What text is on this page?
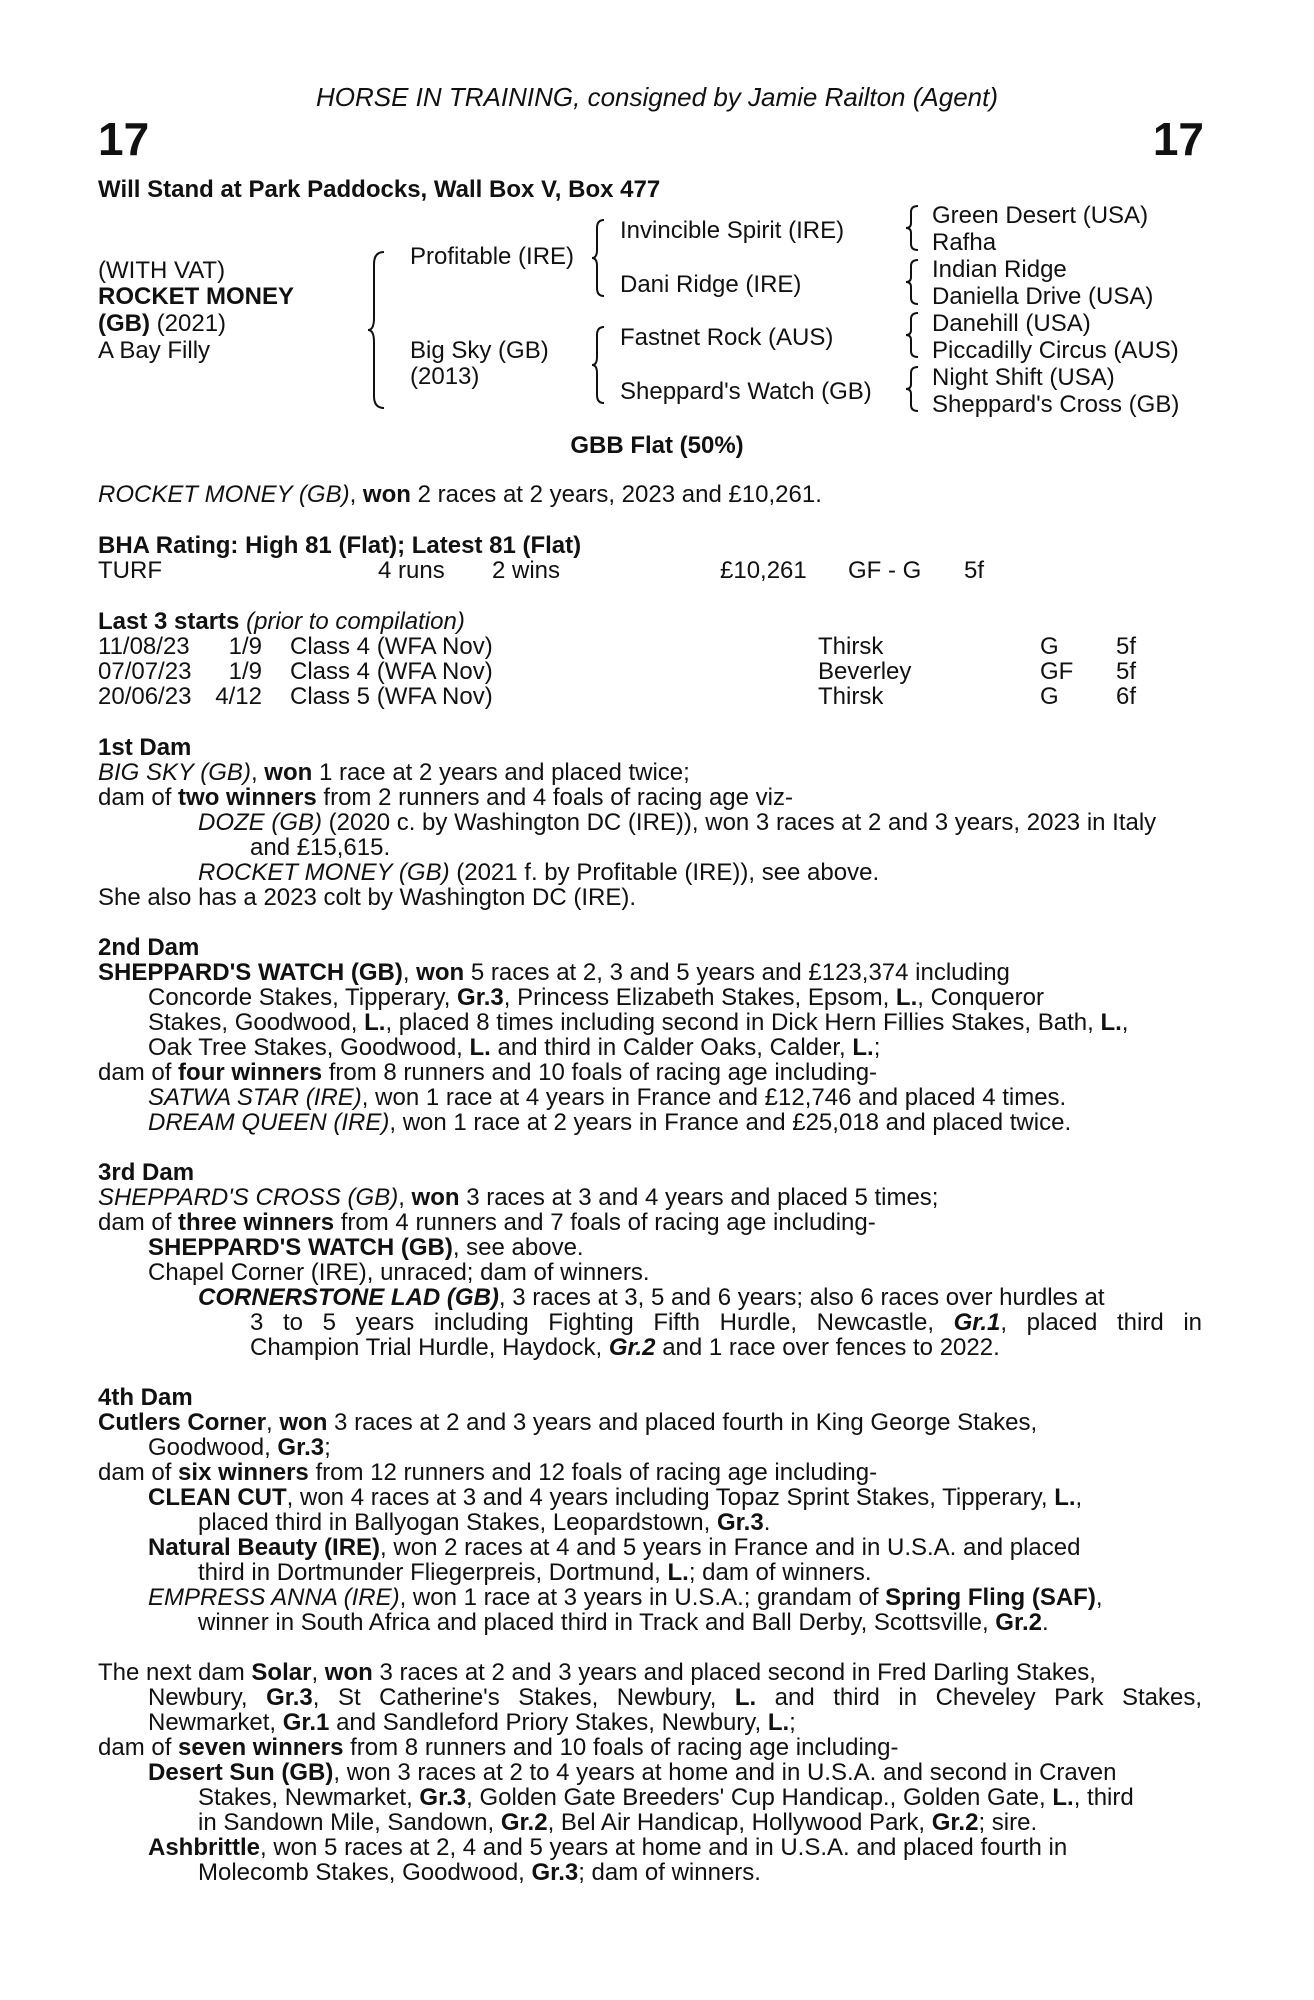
HORSE IN TRAINING, consigned by Jamie Railton (Agent)
17	17
Will Stand at Park Paddocks, Wall Box V, Box 477
(WITH VAT)
ROCKET MONEY
(GB) (2021)
A Bay Filly
Profitable (IRE)
Big Sky (GB)
(2013)
Invincible Spirit (IRE)
Dani Ridge (IRE)
Fastnet Rock (AUS)
Sheppard's Watch (GB)
Green Desert (USA)
Rafha
Indian Ridge
Daniella Drive (USA)
Danehill (USA)
Piccadilly Circus (AUS)
Night Shift (USA)
Sheppard's Cross (GB)
GBB Flat (50%)
ROCKET MONEY (GB), won 2 races at 2 years, 2023 and £10,261.
BHA Rating: High 81 (Flat); Latest 81 (Flat)
TURF	4 runs 2 wins	£10,261 GF - G 5f
Last 3 starts (prior to compilation)
11/08/23	1/9 Class 4 (WFA Nov)	Thirsk	G 5f
07/07/23	1/9 Class 4 (WFA Nov)	Beverley	GF 5f
20/06/23 4/12 Class 5 (WFA Nov)	Thirsk	G 6f
1st Dam
BIG SKY (GB), won 1 race at 2 years and placed twice;
dam of two winners from 2 runners and 4 foals of racing age viz-
DOZE (GB) (2020 c. by Washington DC (IRE)), won 3 races at 2 and 3 years, 2023 in Italy
and £15,615.
ROCKET MONEY (GB) (2021 f. by Profitable (IRE)), see above.
She also has a 2023 colt by Washington DC (IRE).
2nd Dam
SHEPPARD'S WATCH (GB), won 5 races at 2, 3 and 5 years and £123,374 including
Concorde Stakes, Tipperary, Gr.3, Princess Elizabeth Stakes, Epsom, L., Conqueror
Stakes, Goodwood, L., placed 8 times including second in Dick Hern Fillies Stakes, Bath, L.,
Oak Tree Stakes, Goodwood, L. and third in Calder Oaks, Calder, L.;
dam of four winners from 8 runners and 10 foals of racing age including-
SATWA STAR (IRE), won 1 race at 4 years in France and £12,746 and placed 4 times.
DREAM QUEEN (IRE), won 1 race at 2 years in France and £25,018 and placed twice.
3rd Dam
SHEPPARD'S CROSS (GB), won 3 races at 3 and 4 years and placed 5 times;
dam of three winners from 4 runners and 7 foals of racing age including-
SHEPPARD'S WATCH (GB), see above.
Chapel Corner (IRE), unraced; dam of winners.
CORNERSTONE LAD (GB), 3 races at 3, 5 and 6 years; also 6 races over hurdles at
3 to 5 years including Fighting Fifth Hurdle, Newcastle, Gr.1, placed third in
Champion Trial Hurdle, Haydock, Gr.2 and 1 race over fences to 2022.
4th Dam
Cutlers Corner, won 3 races at 2 and 3 years and placed fourth in King George Stakes,
Goodwood, Gr.3;
dam of six winners from 12 runners and 12 foals of racing age including-
CLEAN CUT, won 4 races at 3 and 4 years including Topaz Sprint Stakes, Tipperary, L.,
placed third in Ballyogan Stakes, Leopardstown, Gr.3.
Natural Beauty (IRE), won 2 races at 4 and 5 years in France and in U.S.A. and placed
third in Dortmunder Fliegerpreis, Dortmund, L.; dam of winners.
EMPRESS ANNA (IRE), won 1 race at 3 years in U.S.A.; grandam of Spring Fling (SAF),
winner in South Africa and placed third in Track and Ball Derby, Scottsville, Gr.2.
The next dam Solar, won 3 races at 2 and 3 years and placed second in Fred Darling Stakes,
Newbury, Gr.3, St Catherine's Stakes, Newbury, L. and third in Cheveley Park Stakes,
Newmarket, Gr.1 and Sandleford Priory Stakes, Newbury, L.;
dam of seven winners from 8 runners and 10 foals of racing age including-
Desert Sun (GB), won 3 races at 2 to 4 years at home and in U.S.A. and second in Craven
Stakes, Newmarket, Gr.3, Golden Gate Breeders' Cup Handicap., Golden Gate, L., third
in Sandown Mile, Sandown, Gr.2, Bel Air Handicap, Hollywood Park, Gr.2; sire.
Ashbrittle, won 5 races at 2, 4 and 5 years at home and in U.S.A. and placed fourth in
Molecomb Stakes, Goodwood, Gr.3; dam of winners.
